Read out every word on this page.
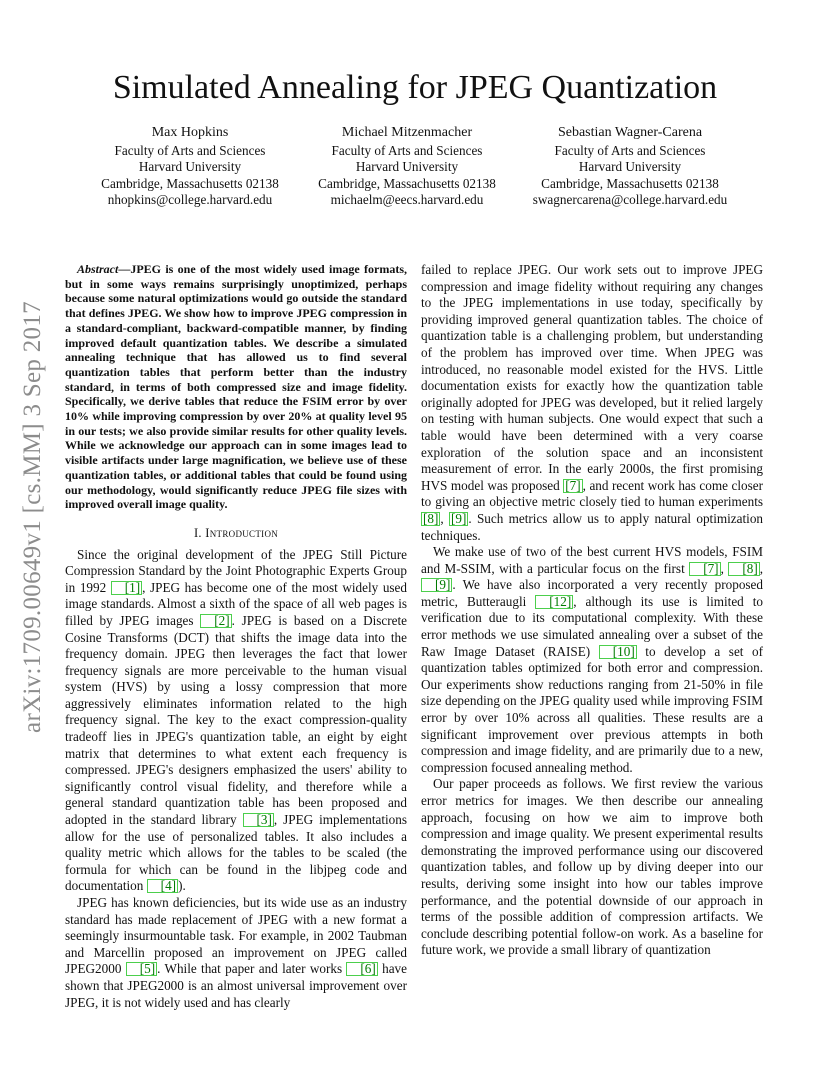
arXiv:1709.00649v1 [cs.MM] 3 Sep 2017
Simulated Annealing for JPEG Quantization
Max Hopkins
Faculty of Arts and Sciences
Harvard University
Cambridge, Massachusetts 02138
nhopkins@college.harvard.edu
Michael Mitzenmacher
Faculty of Arts and Sciences
Harvard University
Cambridge, Massachusetts 02138
michaelm@eecs.harvard.edu
Sebastian Wagner-Carena
Faculty of Arts and Sciences
Harvard University
Cambridge, Massachusetts 02138
swagnercarena@college.harvard.edu

Abstract—JPEG is one of the most widely used image formats, but in some ways remains surprisingly unoptimized, perhaps because some natural optimizations would go outside the standard that defines JPEG. We show how to improve JPEG compression in a standard-compliant, backward-compatible manner, by finding improved default quantization tables. We describe a simulated annealing technique that has allowed us to find several quantization tables that perform better than the industry standard, in terms of both compressed size and image fidelity. Specifically, we derive tables that reduce the FSIM error by over 10% while improving compression by over 20% at quality level 95 in our tests; we also provide similar results for other quality levels. While we acknowledge our approach can in some images lead to visible artifacts under large magnification, we believe use of these quantization tables, or additional tables that could be found using our methodology, would significantly reduce JPEG file sizes with improved overall image quality.

I. Introduction

Since the original development of the JPEG Still Picture Compression Standard by the Joint Photographic Experts Group in 1992 [1] , JPEG has become one of the most widely used image standards. Almost a sixth of the space of all web pages is filled by JPEG images [2] . JPEG is based on a Discrete Cosine Transforms (DCT) that shifts the image data into the frequency domain. JPEG then leverages the fact that lower frequency signals are more perceivable to the human visual system (HVS) by using a lossy compression that more aggressively eliminates information related to the high frequency signal. The key to the exact compression-quality tradeoff lies in JPEG's quantization table, an eight by eight matrix that determines to what extent each frequency is compressed. JPEG's designers emphasized the users' ability to significantly control visual fidelity, and therefore while a general standard quantization table has been proposed and adopted in the standard library [3] , JPEG implementations allow for the use of personalized tables. It also includes a quality metric which allows for the tables to be scaled (the formula for which can be found in the libjpeg code and documentation [4] ).

JPEG has known deficiencies, but its wide use as an industry standard has made replacement of JPEG with a new format a seemingly insurmountable task. For example, in 2002 Taubman and Marcellin proposed an improvement on JPEG called JPEG2000 [5] . While that paper and later works [6] have shown that JPEG2000 is an almost universal improvement over JPEG, it is not widely used and has clearly

failed to replace JPEG. Our work sets out to improve JPEG compression and image fidelity without requiring any changes to the JPEG implementations in use today, specifically by providing improved general quantization tables. The choice of quantization table is a challenging problem, but understanding of the problem has improved over time. When JPEG was introduced, no reasonable model existed for the HVS. Little documentation exists for exactly how the quantization table originally adopted for JPEG was developed, but it relied largely on testing with human subjects. One would expect that such a table would have been determined with a very coarse exploration of the solution space and an inconsistent measurement of error. In the early 2000s, the first promising HVS model was proposed [7] , and recent work has come closer to giving an objective metric closely tied to human experiments [8] , [9] . Such metrics allow us to apply natural optimization techniques.

We make use of two of the best current HVS models, FSIM and M-SSIM, with a particular focus on the first [7] , [8] , [9] . We have also incorporated a very recently proposed metric, Butteraugli [12] , although its use is limited to verification due to its computational complexity. With these error methods we use simulated annealing over a subset of the Raw Image Dataset (RAISE) [10] to develop a set of quantization tables optimized for both error and compression. Our experiments show reductions ranging from 21-50% in file size depending on the JPEG quality used while improving FSIM error by over 10% across all qualities. These results are a significant improvement over previous attempts in both compression and image fidelity, and are primarily due to a new, compression focused annealing method.

Our paper proceeds as follows. We first review the various error metrics for images. We then describe our annealing approach, focusing on how we aim to improve both compression and image quality. We present experimental results demonstrating the improved performance using our discovered quantization tables, and follow up by diving deeper into our results, deriving some insight into how our tables improve performance, and the potential downside of our approach in terms of the possible addition of compression artifacts. We conclude describing potential follow-on work. As a baseline for future work, we provide a small library of quantization
